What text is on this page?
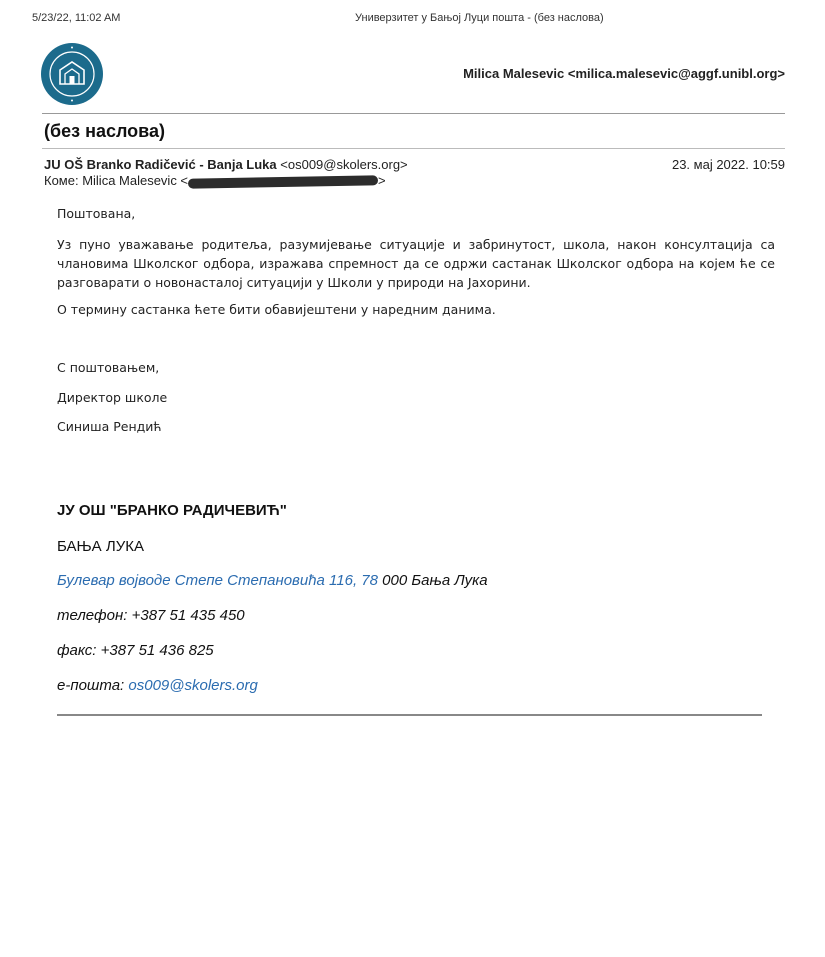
5/23/22, 11:02 AM	Универзитет у Бањој Луци пошта - (без наслова)
Milica Malesevic <milica.malesevic@aggf.unibl.org>
(без наслова)
JU OŠ Branko Radičević - Banja Luka <os009@skolers.org>	23. мај 2022. 10:59
Коме: Milica Malesevic <	>
Поштована,
Уз пуно уважавање родитеља, разумијевање ситуације и забринутост, школа, након консултација са члановима Школског одбора, изражава спремност да се одржи састанак Школског одбора на којем ће се разговарати о новонасталој ситуацији у Школи у природи на Јахорини.
О термину састанка ћете бити обавијештени у наредним данима.
С поштовањем,
Директор школе
Синиша Рендић
ЈУ ОШ "БРАНКО РАДИЧЕВИЋ"
БАЊА ЛУКА
Булевар војводе Степе Степановића 116, 78 000 Бања Лука
телефон: +387 51 435 450
факс: +387 51 436 825
е-пошта: os009@skolers.org
